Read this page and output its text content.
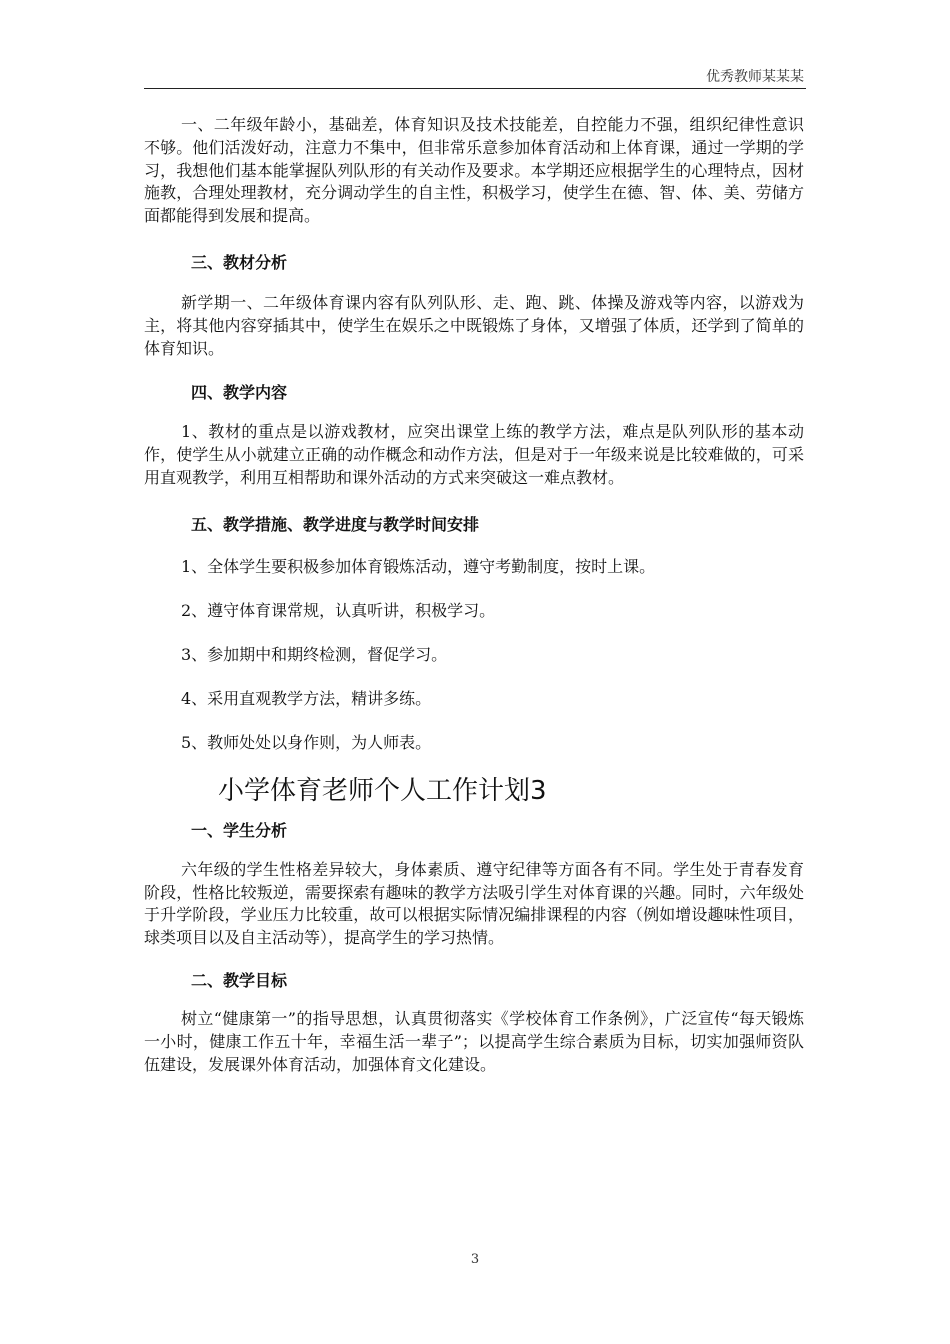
优秀教师某某某

一、二年级年龄小，基础差，体育知识及技术技能差，自控能力不强，组织纪律性意识不够。他们活泼好动，注意力不集中，但非常乐意参加体育活动和上体育课，通过一学期的学习，我想他们基本能掌握队列队形的有关动作及要求。本学期还应根据学生的心理特点，因材施教，合理处理教材，充分调动学生的自主性，积极学习，使学生在德、智、体、美、劳储方面都能得到发展和提高。

三、教材分析

新学期一、二年级体育课内容有队列队形、走、跑、跳、体操及游戏等内容，以游戏为主，将其他内容穿插其中，使学生在娱乐之中既锻炼了身体，又增强了体质，还学到了简单的体育知识。

四、教学内容

1、教材的重点是以游戏教材，应突出课堂上练的教学方法，难点是队列队形的基本动作，使学生从小就建立正确的动作概念和动作方法，但是对于一年级来说是比较难做的，可采用直观教学，利用互相帮助和课外活动的方式来突破这一难点教材。

五、教学措施、教学进度与教学时间安排

1、全体学生要积极参加体育锻炼活动，遵守考勤制度，按时上课。

2、遵守体育课常规，认真听讲，积极学习。

3、参加期中和期终检测，督促学习。

4、采用直观教学方法，精讲多练。

5、教师处处以身作则，为人师表。

小学体育老师个人工作计划3
一、学生分析

六年级的学生性格差异较大，身体素质、遵守纪律等方面各有不同。学生处于青春发育阶段，性格比较叛逆，需要探索有趣味的教学方法吸引学生对体育课的兴趣。同时，六年级处于升学阶段，学业压力比较重，故可以根据实际情况编排课程的内容（例如增设趣味性项目，球类项目以及自主活动等），提高学生的学习热情。

二、教学目标

树立“健康第一”的指导思想，认真贯彻落实《学校体育工作条例》，广泛宣传“每天锻炼一小时，健康工作五十年，幸福生活一辈子”；以提高学生综合素质为目标，切实加强师资队伍建设，发展课外体育活动，加强体育文化建设。

3
